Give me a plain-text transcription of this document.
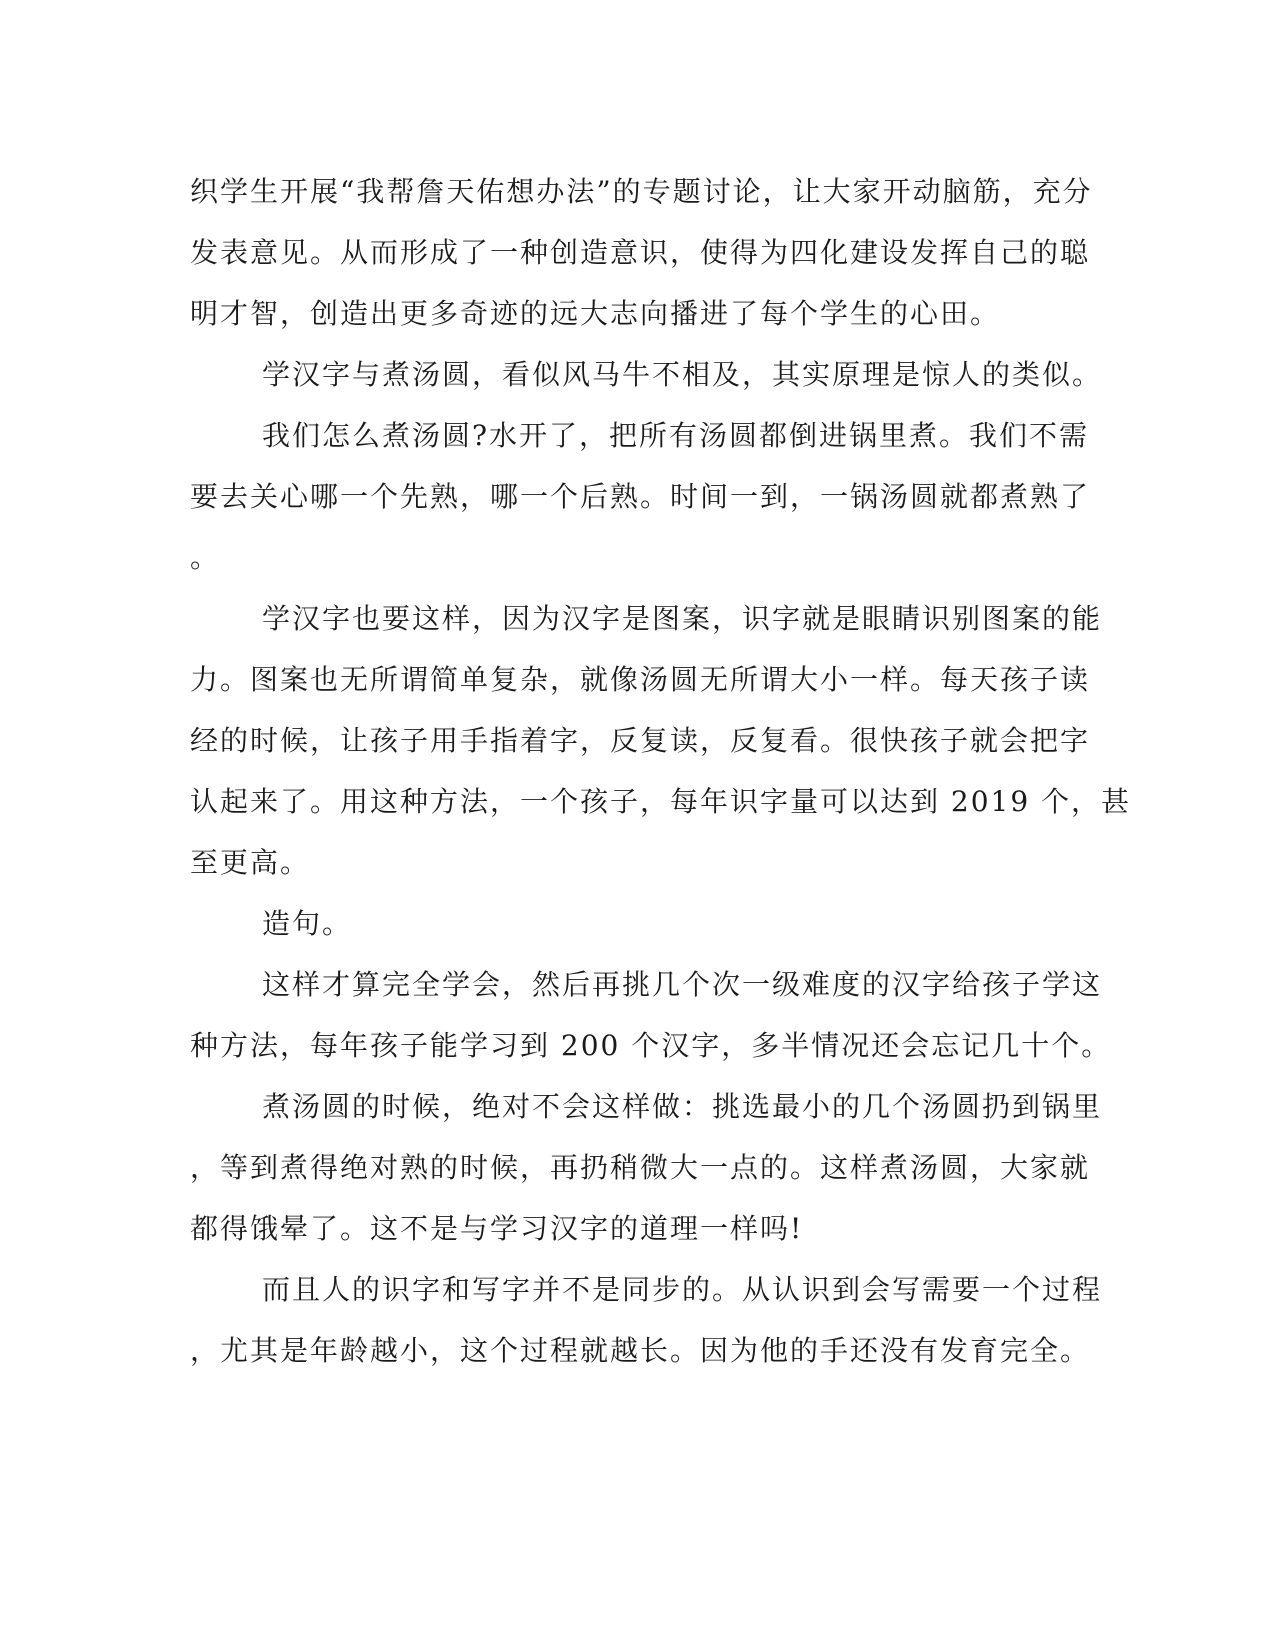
织学生开展“我帮詹天佑想办法”的专题讨论，让大家开动脑筋，充分
发表意见。从而形成了一种创造意识，使得为四化建设发挥自己的聪
明才智，创造出更多奇迹的远大志向播进了每个学生的心田。
学汉字与煮汤圆，看似风马牛不相及，其实原理是惊人的类似。
我们怎么煮汤圆?水开了，把所有汤圆都倒进锅里煮。我们不需
要去关心哪一个先熟，哪一个后熟。时间一到，一锅汤圆就都煮熟了
。
学汉字也要这样，因为汉字是图案，识字就是眼睛识别图案的能
力。图案也无所谓简单复杂，就像汤圆无所谓大小一样。每天孩子读
经的时候，让孩子用手指着字，反复读，反复看。很快孩子就会把字
认起来了。用这种方法，一个孩子，每年识字量可以达到 2019 个，甚
至更高。
造句。
这样才算完全学会，然后再挑几个次一级难度的汉字给孩子学这
种方法，每年孩子能学习到 200 个汉字，多半情况还会忘记几十个。
煮汤圆的时候，绝对不会这样做：挑选最小的几个汤圆扔到锅里
，等到煮得绝对熟的时候，再扔稍微大一点的。这样煮汤圆，大家就
都得饿晕了。这不是与学习汉字的道理一样吗!
而且人的识字和写字并不是同步的。从认识到会写需要一个过程
，尤其是年龄越小，这个过程就越长。因为他的手还没有发育完全。
